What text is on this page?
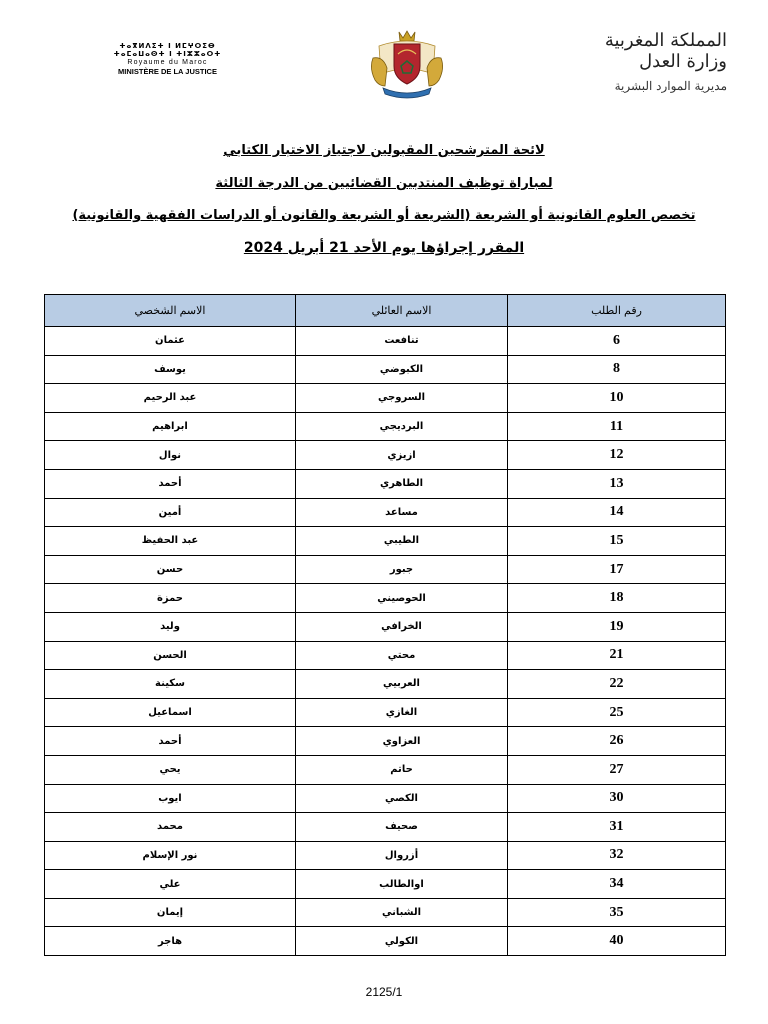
ⵜⴰⴳⵍⴷⵉⵜ ⵏ ⵍⵎⵖⵔⵉⴱ
ⵜⴰⵎⴰⵡⴰⵙⵜ ⵏ ⵜⵏⵣⵣⴰⵔⵜ
Royaume du Maroc
MINISTÈRE DE LA JUSTICE
المملكة المغربية
وزارة العدل
مديرية الموارد البشرية
لائحة المترشحين المقبولين لاجتياز الاختبار الكتابي
لمباراة توظيف المنتدبين القضائيين من الدرجة الثالثة
تخصص العلوم القانونية أو الشريعة (الشريعة أو الشريعة والقانون أو الدراسات الفقهية والقانونية)
المقرر إجراؤها يوم الأحد 21 أبريل 2024
رقم الطلب	الاسم العائلي	الاسم الشخصي
6	تنافعت	عثمان
8	الكبوضي	يوسف
10	السروجي	عبد الرحيم
11	البرديجي	ابراهيم
12	ازيزي	نوال
13	الطاهري	أحمد
14	مساعد	أمين
15	الطيبي	عبد الحفيظ
17	جبور	حسن
18	الحوصيني	حمزة
19	الخرافي	وليد
21	محتي	الحسن
22	العربيي	سكينة
25	الغازي	اسماعيل
26	العزاوي	أحمد
27	حاتم	يحي
30	الكصي	ايوب
31	صحيف	محمد
32	أزروال	نور الإسلام
34	اوالطالب	علي
35	الشباني	إيمان
40	الكولي	هاجر
2125/1
